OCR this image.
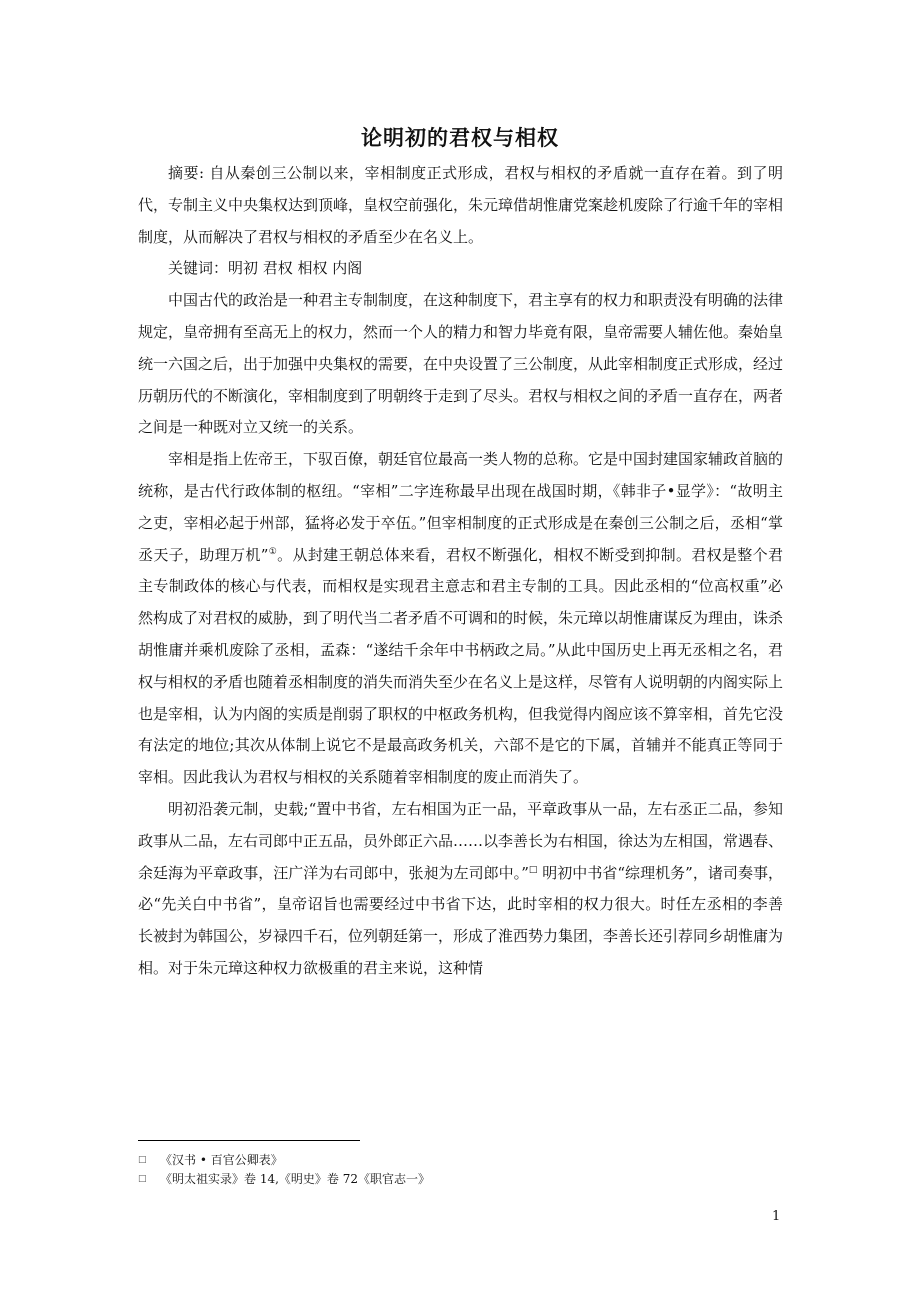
论明初的君权与相权

摘要: 自从秦创三公制以来，宰相制度正式形成，君权与相权的矛盾就一直存在着。到了明代，专制主义中央集权达到顶峰，皇权空前强化，朱元璋借胡惟庸党案趁机废除了行逾千年的宰相制度，从而解决了君权与相权的矛盾至少在名义上。

关键词：明初 君权 相权 内阁

中国古代的政治是一种君主专制制度，在这种制度下，君主享有的权力和职责没有明确的法律规定，皇帝拥有至高无上的权力，然而一个人的精力和智力毕竟有限，皇帝需要人辅佐他。秦始皇统一六国之后，出于加强中央集权的需要，在中央设置了三公制度，从此宰相制度正式形成，经过历朝历代的不断演化，宰相制度到了明朝终于走到了尽头。君权与相权之间的矛盾一直存在，两者之间是一种既对立又统一的关系。

宰相是指上佐帝王，下驭百僚，朝廷官位最高一类人物的总称。它是中国封建国家辅政首脑的统称，是古代行政体制的枢纽。“宰相”二字连称最早出现在战国时期，《韩非子•显学》：“故明主之吏，宰相必起于州部，猛将必发于卒伍。”但宰相制度的正式形成是在秦创三公制之后，丞相“掌丞天子，助理万机”①。从封建王朝总体来看，君权不断强化，相权不断受到抑制。君权是整个君主专制政体的核心与代表，而相权是实现君主意志和君主专制的工具。因此丞相的“位高权重”必然构成了对君权的威胁，到了明代当二者矛盾不可调和的时候，朱元璋以胡惟庸谋反为理由，诛杀胡惟庸并乘机废除了丞相，孟森：“遂结千余年中书柄政之局。”从此中国历史上再无丞相之名，君权与相权的矛盾也随着丞相制度的消失而消失至少在名义上是这样，尽管有人说明朝的内阁实际上也是宰相，认为内阁的实质是削弱了职权的中枢政务机构，但我觉得内阁应该不算宰相，首先它没有法定的地位;其次从体制上说它不是最高政务机关，六部不是它的下属，首辅并不能真正等同于宰相。因此我认为君权与相权的关系随着宰相制度的废止而消失了。

明初沿袭元制，史载;“置中书省，左右相国为正一品，平章政事从一品，左右丞正二品，参知政事从二品，左右司郎中正五品，员外郎正六品……以李善长为右相国，徐达为左相国，常遇春、余廷海为平章政事，汪广洋为右司郎中，张昶为左司郎中。”□ 明初中书省“综理机务”，诸司奏事，必“先关白中书省”，皇帝诏旨也需要经过中书省下达，此时宰相的权力很大。时任左丞相的李善长被封为韩国公，岁禄四千石，位列朝廷第一，形成了淮西势力集团，李善长还引荐同乡胡惟庸为相。对于朱元璋这种权力欲极重的君主来说，这种情

□	《汉书 • 百官公卿表》
□	《明太祖实录》卷 14,《明史》卷 72《职官志一》
1
